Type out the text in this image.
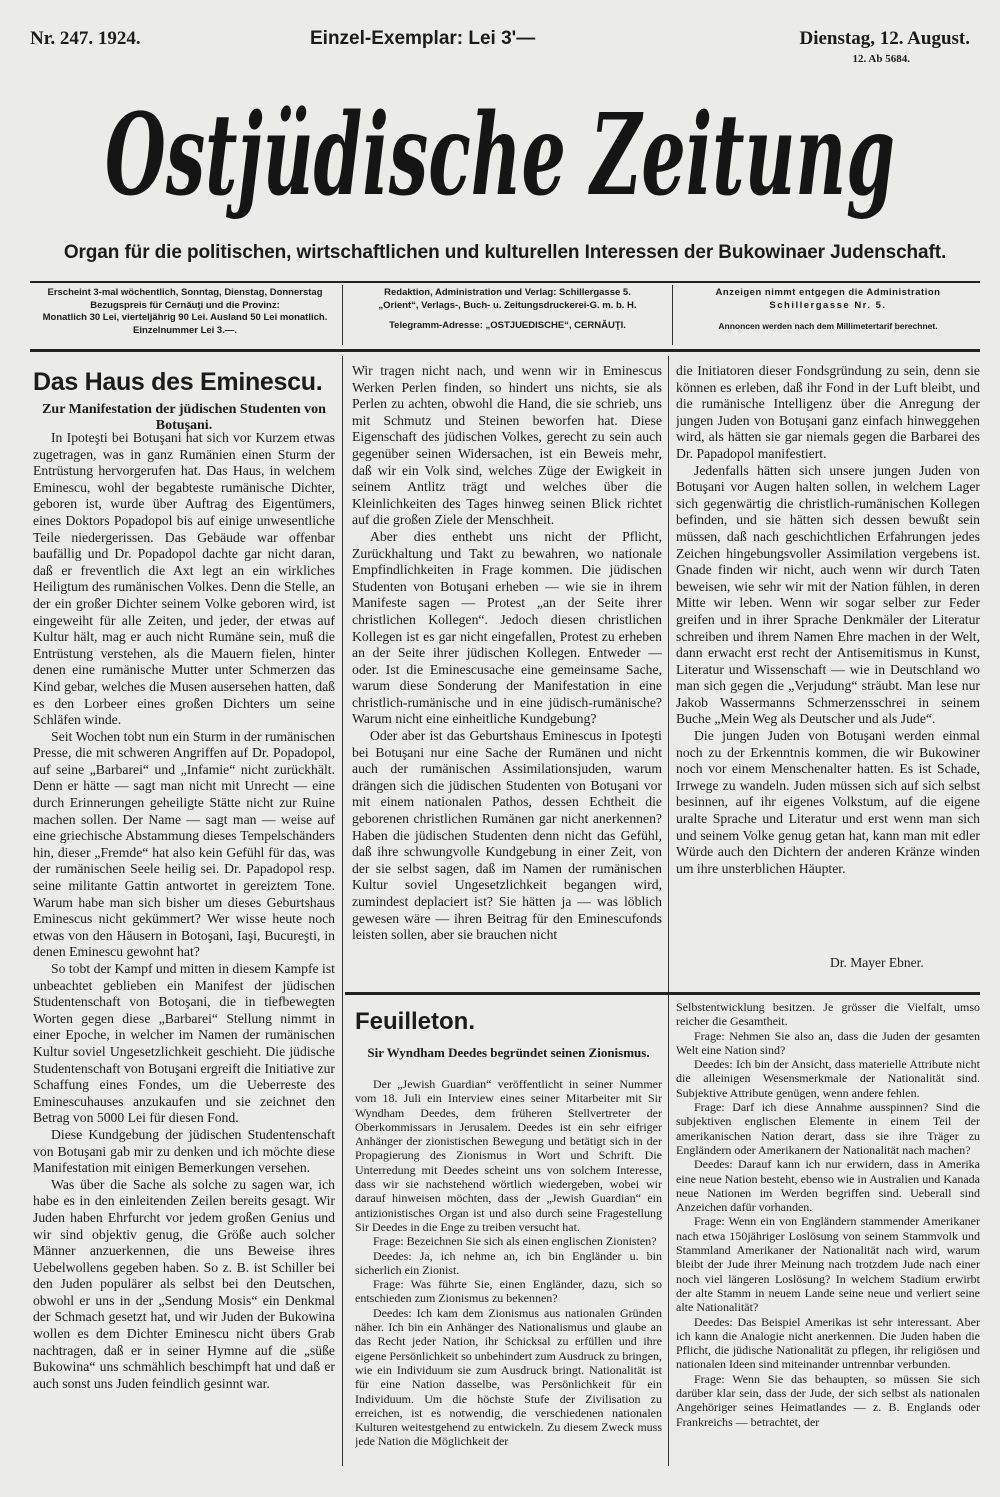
Nr. 247. 1924.	Einzel-Exemplar: Lei 3'—	Dienstag, 12. August.
12. Ab 5684.
Ostjüdische Zeitung
Organ für die politischen, wirtschaftlichen und kulturellen Interessen der Bukowinaer Judenschaft.
Erscheint 3-mal wöchentlich, Sonntag, Dienstag, Donnerstag
Bezugspreis für Cernăuţi und die Provinz:
Monatlich 30 Lei, vierteljährig 90 Lei. Ausland 50 Lei monatlich.
Einzelnummer Lei 3.—.
Redaktion, Administration und Verlag: Schillergasse 5.
„Orient“, Verlags-, Buch- u. Zeitungsdruckerei-G. m. b. H.
Telegramm-Adresse: „OSTJUEDISCHE“, CERNĂUŢI.
Anzeigen nimmt entgegen die Administration
Schillergasse Nr. 5.
Annoncen werden nach dem Millimetertarif berechnet.
Das Haus des Eminescu.
Zur Manifestation der jüdischen Studenten von Botuşani.

In Ipoteşti bei Botuşani hat sich vor Kurzem etwas zugetragen, was in ganz Rumänien einen Sturm der Entrüstung hervorgerufen hat. Das Haus, in welchem Eminescu, wohl der begabteste rumänische Dichter, geboren ist, wurde über Auftrag des Eigentümers, eines Doktors Popadopol bis auf einige unwesentliche Teile niedergerissen. Das Gebäude war offenbar baufällig und Dr. Popadopol dachte gar nicht daran, daß er freventlich die Axt legt an ein wirkliches Heiligtum des rumänischen Volkes. Denn die Stelle, an der ein großer Dichter seinem Volke geboren wird, ist eingeweiht für alle Zeiten, und jeder, der etwas auf Kultur hält, mag er auch nicht Rumäne sein, muß die Entrüstung verstehen, als die Mauern fielen, hinter denen eine rumänische Mutter unter Schmerzen das Kind gebar, welches die Musen ausersehen hatten, daß es den Lorbeer eines großen Dichters um seine Schläfen winde.

Seit Wochen tobt nun ein Sturm in der rumänischen Presse, die mit schweren Angriffen auf Dr. Popadopol, auf seine „Barbarei“ und „Infamie“ nicht zurückhält. Denn er hätte — sagt man nicht mit Unrecht — eine durch Erinnerungen geheiligte Stätte nicht zur Ruine machen sollen. Der Name — sagt man — weise auf eine griechische Abstammung dieses Tempelschänders hin, dieser „Fremde“ hat also kein Gefühl für das, was der rumänischen Seele heilig sei. Dr. Papadopol resp. seine militante Gattin antwortet in gereiztem Tone. Warum habe man sich bisher um dieses Geburtshaus Eminescus nicht gekümmert? Wer wisse heute noch etwas von den Häusern in Botoşani, Iaşi, Bucureşti, in denen Eminescu gewohnt hat?

So tobt der Kampf und mitten in diesem Kampfe ist unbeachtet geblieben ein Manifest der jüdischen Studentenschaft von Botoşani, die in tiefbewegten Worten gegen diese „Barbarei“ Stellung nimmt in einer Epoche, in welcher im Namen der rumänischen Kultur soviel Ungesetzlichkeit geschieht. Die jüdische Studentenschaft von Botuşani ergreift die Initiative zur Schaffung eines Fondes, um die Ueberreste des Eminescuhauses anzukaufen und sie zeichnet den Betrag von 5000 Lei für diesen Fond.

Diese Kundgebung der jüdischen Studentenschaft von Botuşani gab mir zu denken und ich möchte diese Manifestation mit einigen Bemerkungen versehen.

Was über die Sache als solche zu sagen war, ich habe es in den einleitenden Zeilen bereits gesagt. Wir Juden haben Ehrfurcht vor jedem großen Genius und wir sind objektiv genug, die Größe auch solcher Männer anzuerkennen, die uns Beweise ihres Uebelwollens gegeben haben. So z. B. ist Schiller bei den Juden populärer als selbst bei den Deutschen, obwohl er uns in der „Sendung Mosis“ ein Denkmal der Schmach gesetzt hat, und wir Juden der Bukowina wollen es dem Dichter Eminescu nicht übers Grab nachtragen, daß er in seiner Hymne auf die „süße Bukowina“ uns schmählich beschimpft hat und daß er auch sonst uns Juden feindlich gesinnt war.

Wir tragen nicht nach, und wenn wir in Eminescus Werken Perlen finden, so hindert uns nichts, sie als Perlen zu achten, obwohl die Hand, die sie schrieb, uns mit Schmutz und Steinen beworfen hat. Diese Eigenschaft des jüdischen Volkes, gerecht zu sein auch gegenüber seinen Widersachen, ist ein Beweis mehr, daß wir ein Volk sind, welches Züge der Ewigkeit in seinem Antlitz trägt und welches über die Kleinlichkeiten des Tages hinweg seinen Blick richtet auf die großen Ziele der Menschheit.

Aber dies enthebt uns nicht der Pflicht, Zurückhaltung und Takt zu bewahren, wo nationale Empfindlichkeiten in Frage kommen. Die jüdischen Studenten von Botuşani erheben — wie sie in ihrem Manifeste sagen — Protest „an der Seite ihrer christlichen Kollegen“. Jedoch diesen christlichen Kollegen ist es gar nicht eingefallen, Protest zu erheben an der Seite ihrer jüdischen Kollegen. Entweder — oder. Ist die Eminescusache eine gemeinsame Sache, warum diese Sonderung der Manifestation in eine christlich-rumänische und in eine jüdisch-rumänische? Warum nicht eine einheitliche Kundgebung?

Oder aber ist das Geburtshaus Eminescus in Ipoteşti bei Botuşani nur eine Sache der Rumänen und nicht auch der rumänischen Assimilationsjuden, warum drängen sich die jüdischen Studenten von Botuşani vor mit einem nationalen Pathos, dessen Echtheit die geborenen christlichen Rumänen gar nicht anerkennen? Haben die jüdischen Studenten denn nicht das Gefühl, daß ihre schwungvolle Kundgebung in einer Zeit, von der sie selbst sagen, daß im Namen der rumänischen Kultur soviel Ungesetzlichkeit begangen wird, zumindest deplaciert ist? Sie hätten ja — was löblich gewesen wäre — ihren Beitrag für den Eminescufonds leisten sollen, aber sie brauchen nicht

die Initiatoren dieser Fondsgründung zu sein, denn sie können es erleben, daß ihr Fond in der Luft bleibt, und die rumänische Intelligenz über die Anregung der jungen Juden von Botuşani ganz einfach hinweggehen wird, als hätten sie gar niemals gegen die Barbarei des Dr. Papadopol manifestiert.

Jedenfalls hätten sich unsere jungen Juden von Botuşani vor Augen halten sollen, in welchem Lager sich gegenwärtig die christlich-rumänischen Kollegen befinden, und sie hätten sich dessen bewußt sein müssen, daß nach geschichtlichen Erfahrungen jedes Zeichen hingebungsvoller Assimilation vergebens ist. Gnade finden wir nicht, auch wenn wir durch Taten beweisen, wie sehr wir mit der Nation fühlen, in deren Mitte wir leben. Wenn wir sogar selber zur Feder greifen und in ihrer Sprache Denkmäler der Literatur schreiben und ihrem Namen Ehre machen in der Welt, dann erwacht erst recht der Antisemitismus in Kunst, Literatur und Wissenschaft — wie in Deutschland wo man sich gegen die „Verjudung“ sträubt. Man lese nur Jakob Wassermanns Schmerzensschrei in seinem Buche „Mein Weg als Deutscher und als Jude“.

Die jungen Juden von Botuşani werden einmal noch zu der Erkenntnis kommen, die wir Bukowiner noch vor einem Menschenalter hatten. Es ist Schade, Irrwege zu wandeln. Juden müssen sich auf sich selbst besinnen, auf ihr eigenes Volkstum, auf die eigene uralte Sprache und Literatur und erst wenn man sich und seinem Volke genug getan hat, kann man mit edler Würde auch den Dichtern der anderen Kränze winden um ihre unsterblichen Häupter.

Dr. Mayer Ebner.
Feuilleton.
Sir Wyndham Deedes begründet seinen Zionismus.

Der „Jewish Guardian“ veröffentlicht in seiner Nummer vom 18. Juli ein Interview eines seiner Mitarbeiter mit Sir Wyndham Deedes, dem früheren Stellvertreter der Oberkommissars in Jerusalem. Deedes ist ein sehr eifriger Anhänger der zionistischen Bewegung und betätigt sich in der Propagierung des Zionismus in Wort und Schrift. Die Unterredung mit Deedes scheint uns von solchem Interesse, dass wir sie nachstehend wörtlich wiedergeben, wobei wir darauf hinweisen möchten, dass der „Jewish Guardian“ ein antizionistisches Organ ist und also durch seine Fragestellung Sir Deedes in die Enge zu treiben versucht hat.

Frage: Bezeichnen Sie sich als einen englischen Zionisten?

Deedes: Ja, ich nehme an, ich bin Engländer u. bin sicherlich ein Zionist.

Frage: Was führte Sie, einen Engländer, dazu, sich so entschieden zum Zionismus zu bekennen?

Deedes: Ich kam dem Zionismus aus nationalen Gründen näher. Ich bin ein Anhänger des Nationalismus und glaube an das Recht jeder Nation, ihr Schicksal zu erfüllen und ihre eigene Persönlichkeit so unbehindert zum Ausdruck zu bringen, wie ein Individuum sie zum Ausdruck bringt. Nationalität ist für eine Nation dasselbe, was Persönlichkeit für ein Individuum. Um die höchste Stufe der Zivilisation zu erreichen, ist es notwendig, die verschiedenen nationalen Kulturen weitestgehend zu entwickeln. Zu diesem Zweck muss jede Nation die Möglichkeit der

Selbstentwicklung besitzen. Je grösser die Vielfalt, umso reicher die Gesamtheit.

Frage: Nehmen Sie also an, dass die Juden der gesamten Welt eine Nation sind?

Deedes: Ich bin der Ansicht, dass materielle Attribute nicht die alleinigen Wesensmerkmale der Nationalität sind. Subjektive Attribute genügen, wenn andere fehlen.

Frage: Darf ich diese Annahme ausspinnen? Sind die subjektiven englischen Elemente in einem Teil der amerikanischen Nation derart, dass sie ihre Träger zu Engländern oder Amerikanern der Nationalität nach machen?

Deedes: Darauf kann ich nur erwidern, dass in Amerika eine neue Nation besteht, ebenso wie in Australien und Kanada neue Nationen im Werden begriffen sind. Ueberall sind Anzeichen dafür vorhanden.

Frage: Wenn ein von Engländern stammender Amerikaner nach etwa 150jähriger Loslösung von seinem Stammvolk und Stammland Amerikaner der Nationalität nach wird, warum bleibt der Jude ihrer Meinung nach trotzdem Jude nach einer noch viel längeren Loslösung? In welchem Stadium erwirbt der alte Stamm in neuem Lande seine neue und verliert seine alte Nationalität?

Deedes: Das Beispiel Amerikas ist sehr interessant. Aber ich kann die Analogie nicht anerkennen. Die Juden haben die Pflicht, die jüdische Nationalität zu pflegen, ihr religiösen und nationalen Ideen sind miteinander untrennbar verbunden.

Frage: Wenn Sie das behaupten, so müssen Sie sich darüber klar sein, dass der Jude, der sich selbst als nationalen Angehöriger seines Heimatlandes — z. B. Englands oder Frankreichs — betrachtet, der
